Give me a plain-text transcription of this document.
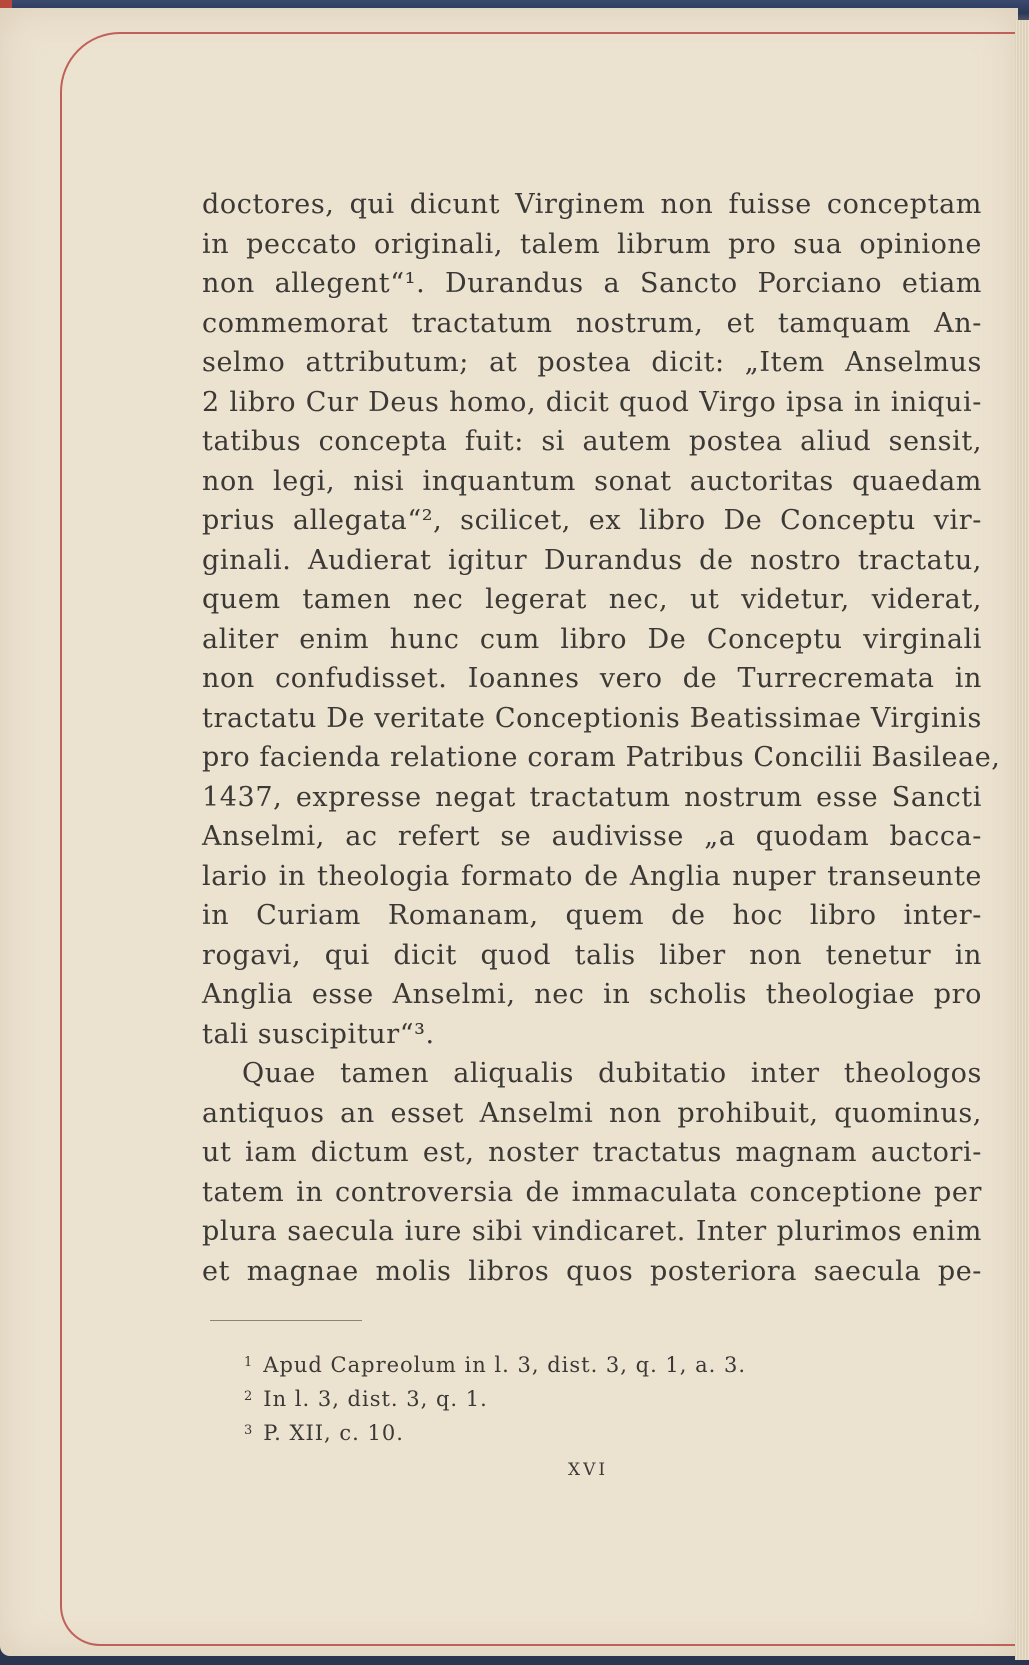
doctores, qui dicunt Virginem non fuisse conceptam
in peccato originali, talem librum pro sua opinione
non allegent“¹. Durandus a Sancto Porciano etiam
commemorat tractatum nostrum, et tamquam An-
selmo attributum; at postea dicit: „Item Anselmus
2 libro Cur Deus homo, dicit quod Virgo ipsa in iniqui-
tatibus concepta fuit: si autem postea aliud sensit,
non legi, nisi inquantum sonat auctoritas quaedam
prius allegata“², scilicet, ex libro De Conceptu vir-
ginali. Audierat igitur Durandus de nostro tractatu,
quem tamen nec legerat nec, ut videtur, viderat,
aliter enim hunc cum libro De Conceptu virginali
non confudisset. Ioannes vero de Turrecremata in
tractatu De veritate Conceptionis Beatissimae Virginis
pro facienda relatione coram Patribus Concilii Basileae,
1437, expresse negat tractatum nostrum esse Sancti
Anselmi, ac refert se audivisse „a quodam bacca-
lario in theologia formato de Anglia nuper transeunte
in Curiam Romanam, quem de hoc libro inter-
rogavi, qui dicit quod talis liber non tenetur in
Anglia esse Anselmi, nec in scholis theologiae pro
tali suscipitur“³.
Quae tamen aliqualis dubitatio inter theologos
antiquos an esset Anselmi non prohibuit, quominus,
ut iam dictum est, noster tractatus magnam auctori-
tatem in controversia de immaculata conceptione per
plura saecula iure sibi vindicaret. Inter plurimos enim
et magnae molis libros quos posteriora saecula pe-
$^1$ Apud Capreolum in l. 3, dist. 3, q. 1, a. 3.
$^2$ In l. 3, dist. 3, q. 1.
$^3$ P. XII, c. 10.
XVI
